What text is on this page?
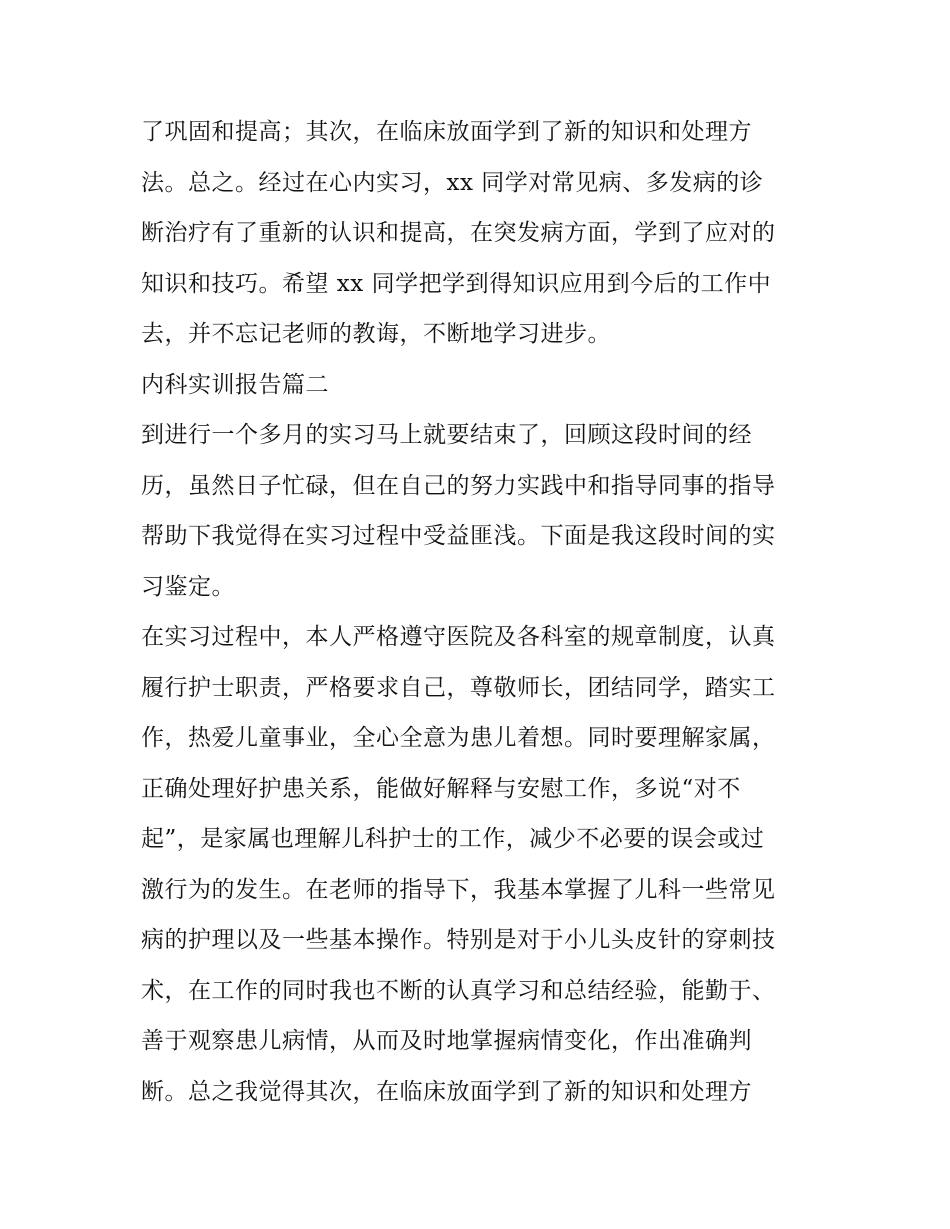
了巩固和提高；其次，在临床放面学到了新的知识和处理方
法。总之。经过在心内实习，xx 同学对常见病、多发病的诊
断治疗有了重新的认识和提高，在突发病方面，学到了应对的
知识和技巧。希望 xx 同学把学到得知识应用到今后的工作中
去，并不忘记老师的教诲，不断地学习进步。
内科实训报告篇二
到进行一个多月的实习马上就要结束了，回顾这段时间的经
历，虽然日子忙碌，但在自己的努力实践中和指导同事的指导
帮助下我觉得在实习过程中受益匪浅。下面是我这段时间的实
习鉴定。
在实习过程中，本人严格遵守医院及各科室的规章制度，认真
履行护士职责，严格要求自己，尊敬师长，团结同学，踏实工
作，热爱儿童事业，全心全意为患儿着想。同时要理解家属，
正确处理好护患关系，能做好解释与安慰工作，多说“对不
起”，是家属也理解儿科护士的工作，减少不必要的误会或过
激行为的发生。在老师的指导下，我基本掌握了儿科一些常见
病的护理以及一些基本操作。特别是对于小儿头皮针的穿刺技
术，在工作的同时我也不断的认真学习和总结经验，能勤于、
善于观察患儿病情，从而及时地掌握病情变化，作出准确判
断。总之我觉得其次，在临床放面学到了新的知识和处理方
